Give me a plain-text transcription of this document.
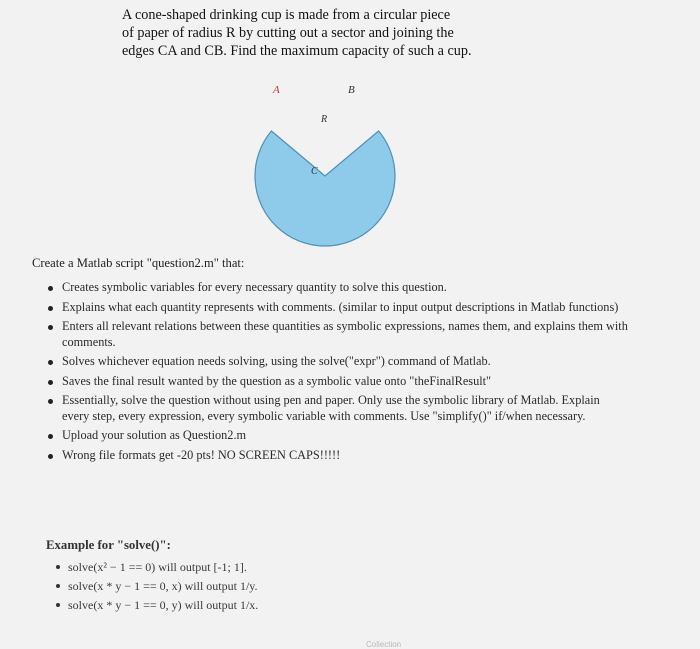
A cone-shaped drinking cup is made from a circular piece
of paper of radius R by cutting out a sector and joining the
edges CA and CB. Find the maximum capacity of such a cup.
A	B
R
C
Create a Matlab script "question2.m" that:
Creates symbolic variables for every necessary quantity to solve this question.
Explains what each quantity represents with comments. (similar to input output descriptions in Matlab functions)
Enters all relevant relations between these quantities as symbolic expressions, names them, and explains them with comments.
Solves whichever equation needs solving, using the solve("expr") command of Matlab.
Saves the final result wanted by the question as a symbolic value onto "theFinalResult"
Essentially, solve the question without using pen and paper. Only use the symbolic library of Matlab. Explain every step, every expression, every symbolic variable with comments. Use "simplify()" if/when necessary.
Upload your solution as Question2.m
Wrong file formats get -20 pts! NO SCREEN CAPS!!!!!
Example for "solve()":
solve(x² − 1 == 0) will output [-1; 1].
solve(x * y − 1 == 0, x) will output 1/y.
solve(x * y − 1 == 0, y) will output 1/x.
Collection
